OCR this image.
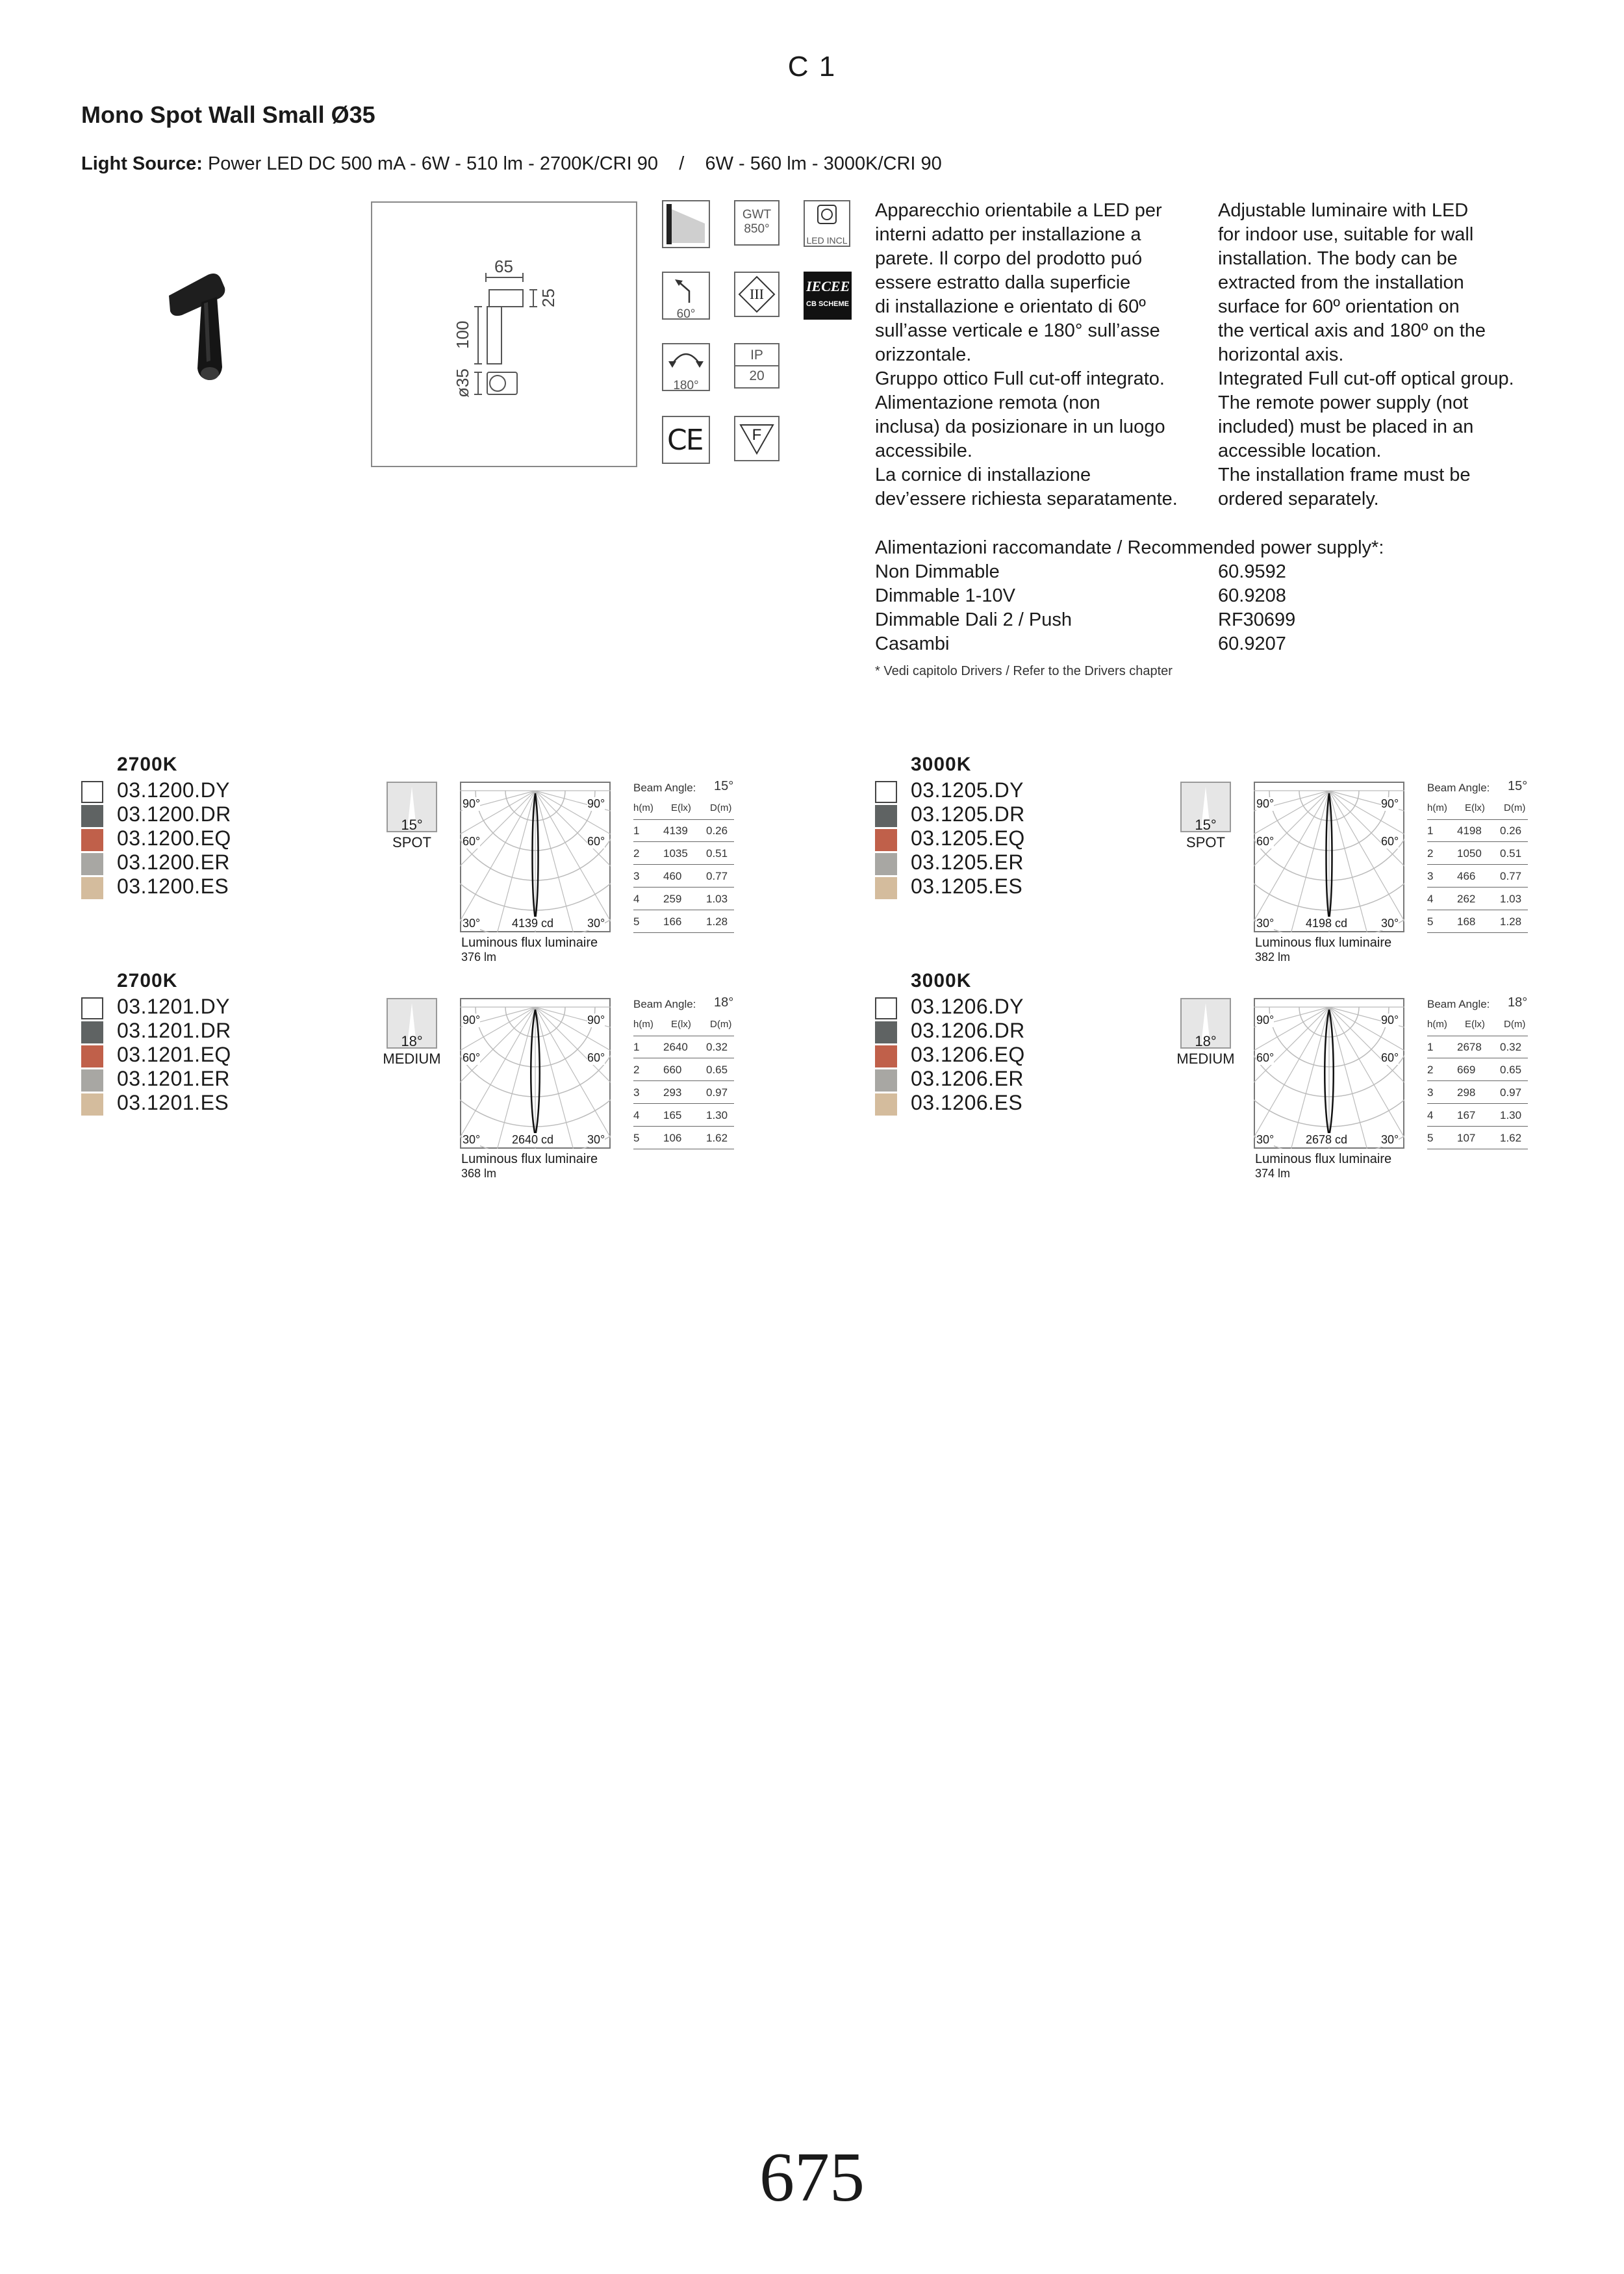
C 1
Mono Spot Wall Small Ø35
Light Source: Power LED DC 500 mA - 6W - 510 lm - 2700K/CRI 90    /    6W - 560 lm - 3000K/CRI 90
65
25
100
ø35
60°
180°
CE
GWT
850°
III
IP
20
F
LED INCL
IECEE
CB SCHEME
Apparecchio orientabile a LED per
interni adatto per installazione a
parete. Il corpo del prodotto puó
essere estratto dalla superficie
di installazione e orientato di 60º
sull’asse verticale e 180° sull’asse
orizzontale.
Gruppo ottico Full cut-off integrato.
Alimentazione remota (non
inclusa) da posizionare in un luogo
accessibile.
La cornice di installazione
dev’essere richiesta separatamente.
Adjustable luminaire with LED
for indoor use, suitable for wall
installation. The body can be
extracted from the installation
surface for 60º orientation on
the vertical axis and 180º on the
horizontal axis.
Integrated Full cut-off optical group.
The remote power supply (not
included) must be placed in an
accessible location.
The installation frame must be
ordered separately.
Alimentazioni raccomandate / Recommended power supply*:
Non Dimmable	60.9592
Dimmable 1-10V	60.9208
Dimmable Dali 2 / Push	RF30699
Casambi	60.9207
* Vedi capitolo Drivers / Refer to the Drivers chapter
2700K
03.1200.DY
03.1200.DR
03.1200.EQ
03.1200.ER
03.1200.ES
15°
SPOT
90°	90°
60°	60°
30°	30°
4139 cd
Luminous flux luminaire
376 lm
Beam Angle: 15°
h(m) E(lx) D(m)
1 4139 0.26
2 1035 0.51
3 460 0.77
4 259 1.03
5 166 1.28
3000K
03.1205.DY
03.1205.DR
03.1205.EQ
03.1205.ER
03.1205.ES
15°
SPOT
90°	90°
60°	60°
30°	30°
4198 cd
Luminous flux luminaire
382 lm
Beam Angle: 15°
h(m) E(lx) D(m)
1 4198 0.26
2 1050 0.51
3 466 0.77
4 262 1.03
5 168 1.28
2700K
03.1201.DY
03.1201.DR
03.1201.EQ
03.1201.ER
03.1201.ES
18°
MEDIUM
90°	90°
60°	60°
30°	30°
2640 cd
Luminous flux luminaire
368 lm
Beam Angle: 18°
h(m) E(lx) D(m)
1 2640 0.32
2 660 0.65
3 293 0.97
4 165 1.30
5 106 1.62
3000K
03.1206.DY
03.1206.DR
03.1206.EQ
03.1206.ER
03.1206.ES
18°
MEDIUM
90°	90°
60°	60°
30°	30°
2678 cd
Luminous flux luminaire
374 lm
Beam Angle: 18°
h(m) E(lx) D(m)
1 2678 0.32
2 669 0.65
3 298 0.97
4 167 1.30
5 107 1.62
675
